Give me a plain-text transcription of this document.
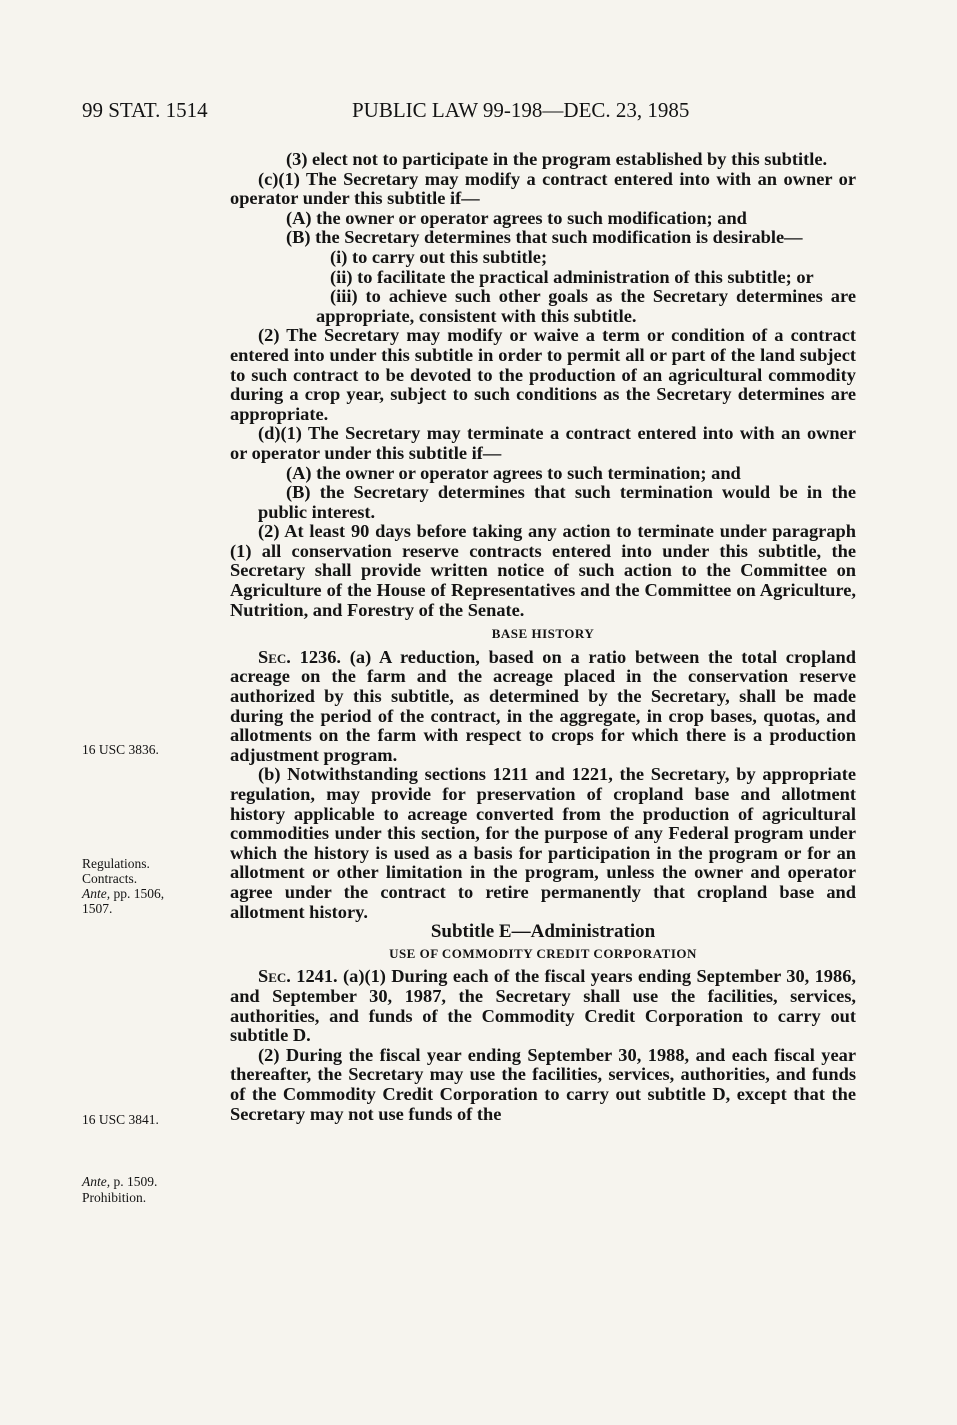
99 STAT. 1514	PUBLIC LAW 99-198—DEC. 23, 1985

(3) elect not to participate in the program established by this subtitle.

(c)(1) The Secretary may modify a contract entered into with an owner or operator under this subtitle if—

(A) the owner or operator agrees to such modification; and

(B) the Secretary determines that such modification is desirable—

(i) to carry out this subtitle;

(ii) to facilitate the practical administration of this subtitle; or

(iii) to achieve such other goals as the Secretary determines are appropriate, consistent with this subtitle.

(2) The Secretary may modify or waive a term or condition of a contract entered into under this subtitle in order to permit all or part of the land subject to such contract to be devoted to the production of an agricultural commodity during a crop year, subject to such conditions as the Secretary determines are appropriate.

(d)(1) The Secretary may terminate a contract entered into with an owner or operator under this subtitle if—

(A) the owner or operator agrees to such termination; and

(B) the Secretary determines that such termination would be in the public interest.

(2) At least 90 days before taking any action to terminate under paragraph (1) all conservation reserve contracts entered into under this subtitle, the Secretary shall provide written notice of such action to the Committee on Agriculture of the House of Representatives and the Committee on Agriculture, Nutrition, and Forestry of the Senate.

BASE HISTORY

Sec. 1236. (a) A reduction, based on a ratio between the total cropland acreage on the farm and the acreage placed in the conservation reserve authorized by this subtitle, as determined by the Secretary, shall be made during the period of the contract, in the aggregate, in crop bases, quotas, and allotments on the farm with respect to crops for which there is a production adjustment program.

(b) Notwithstanding sections 1211 and 1221, the Secretary, by appropriate regulation, may provide for preservation of cropland base and allotment history applicable to acreage converted from the production of agricultural commodities under this section, for the purpose of any Federal program under which the history is used as a basis for participation in the program or for an allotment or other limitation in the program, unless the owner and operator agree under the contract to retire permanently that cropland base and allotment history.

Subtitle E—Administration

USE OF COMMODITY CREDIT CORPORATION

Sec. 1241. (a)(1) During each of the fiscal years ending September 30, 1986, and September 30, 1987, the Secretary shall use the facilities, services, authorities, and funds of the Commodity Credit Corporation to carry out subtitle D.

(2) During the fiscal year ending September 30, 1988, and each fiscal year thereafter, the Secretary may use the facilities, services, authorities, and funds of the Commodity Credit Corporation to carry out subtitle D, except that the Secretary may not use funds of the

16 USC 3836.
Regulations.
Contracts.
Ante, pp. 1506,
1507.
16 USC 3841.
Ante, p. 1509.
Prohibition.
